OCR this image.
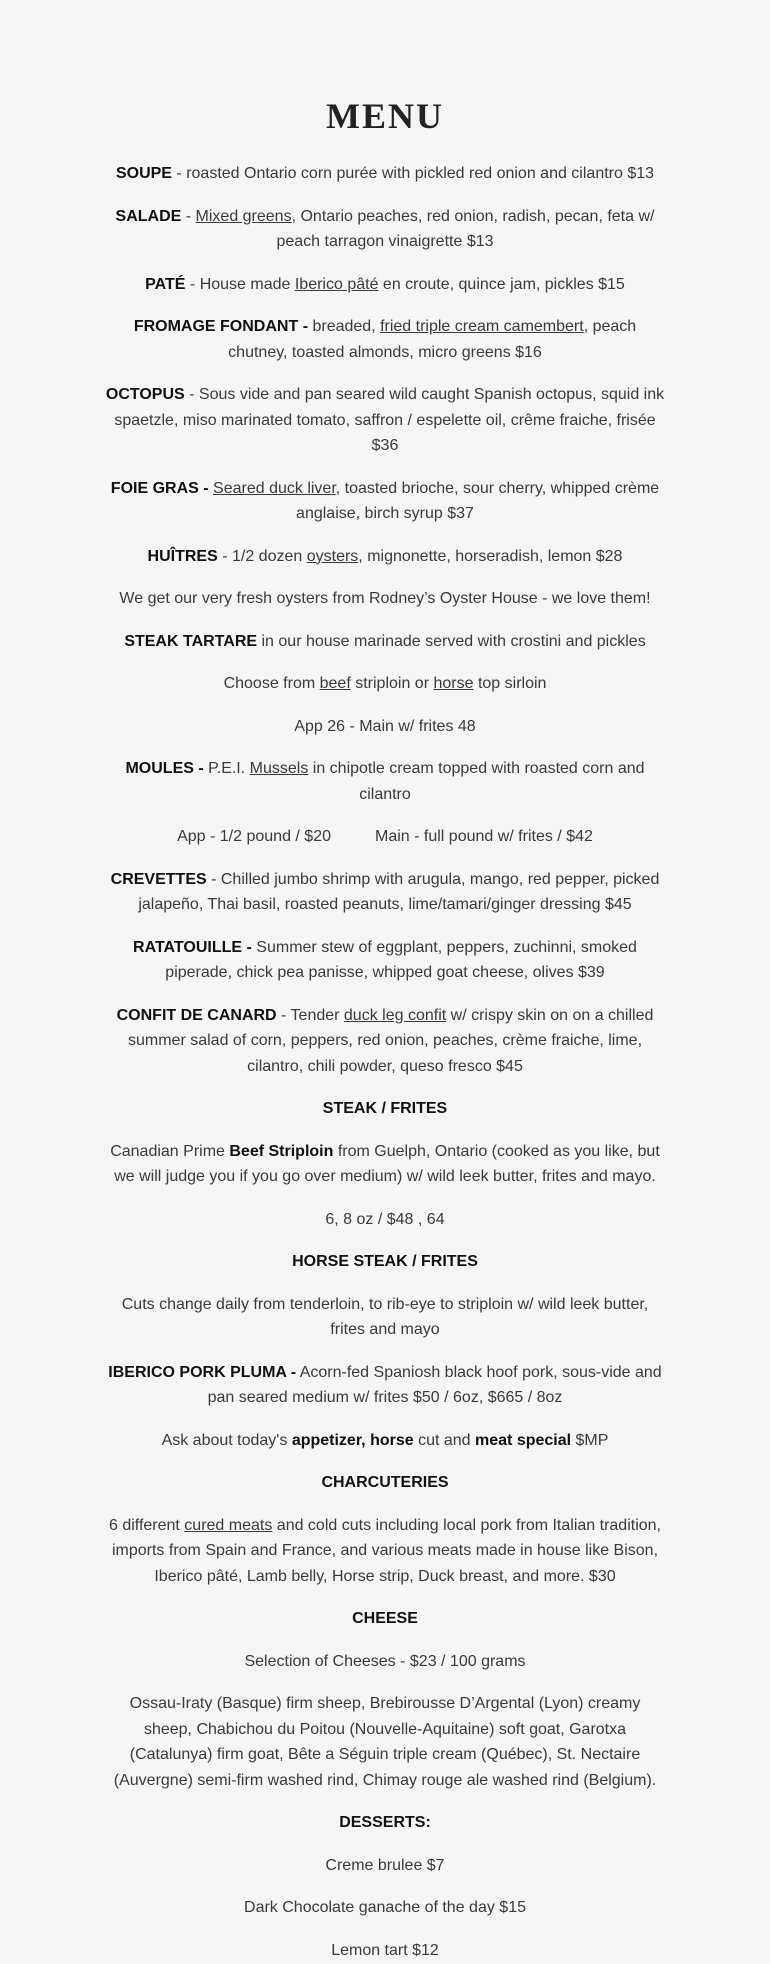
MENU

SOUPE - roasted Ontario corn purée with pickled red onion and cilantro $13

SALADE - Mixed greens, Ontario peaches, red onion, radish, pecan, feta w/ peach tarragon vinaigrette $13

PATÉ - House made Iberico pâté en croute, quince jam, pickles $15

FROMAGE FONDANT - breaded, fried triple cream camembert, peach chutney, toasted almonds, micro greens $16

OCTOPUS - Sous vide and pan seared wild caught Spanish octopus, squid ink spaetzle, miso marinated tomato, saffron / espelette oil, crême fraiche, frisée $36

FOIE GRAS - Seared duck liver, toasted brioche, sour cherry, whipped crème anglaise, birch syrup $37

HUÎTRES - 1/2 dozen oysters, mignonette, horseradish, lemon $28

We get our very fresh oysters from Rodney’s Oyster House - we love them!

STEAK TARTARE in our house marinade served with crostini and pickles

Choose from beef striploin or horse top sirloin

App 26 - Main w/ frites 48

MOULES - P.E.I. Mussels in chipotle cream topped with roasted corn and cilantro

App - 1/2 pound / $20	Main - full pound w/ frites / $42

CREVETTES - Chilled jumbo shrimp with arugula, mango, red pepper, picked jalapeño, Thai basil, roasted peanuts, lime/tamari/ginger dressing $45

RATATOUILLE - Summer stew of eggplant, peppers, zuchinni, smoked piperade, chick pea panisse, whipped goat cheese, olives $39

CONFIT DE CANARD - Tender duck leg confit w/ crispy skin on on a chilled summer salad of corn, peppers, red onion, peaches, crème fraiche, lime, cilantro, chili powder, queso fresco $45

STEAK / FRITES

Canadian Prime Beef Striploin from Guelph, Ontario (cooked as you like, but we will judge you if you go over medium) w/ wild leek butter, frites and mayo.

6, 8 oz / $48 , 64

HORSE STEAK / FRITES

Cuts change daily from tenderloin, to rib-eye to striploin w/ wild leek butter, frites and mayo

IBERICO PORK PLUMA - Acorn-fed Spaniosh black hoof pork, sous-vide and pan seared medium w/ frites $50 / 6oz, $665 / 8oz

Ask about today's appetizer, horse cut and meat special $MP

CHARCUTERIES

6 different cured meats and cold cuts including local pork from Italian tradition, imports from Spain and France, and various meats made in house like Bison, Iberico pâté, Lamb belly, Horse strip, Duck breast, and more. $30

CHEESE

Selection of Cheeses - $23 / 100 grams

Ossau-Iraty (Basque) firm sheep, Brebirousse D’Argental (Lyon) creamy sheep, Chabichou du Poitou (Nouvelle-Aquitaine) soft goat, Garotxa (Catalunya) firm goat, Bête a Séguin triple cream (Québec), St. Nectaire (Auvergne) semi-firm washed rind, Chimay rouge ale washed rind (Belgium).

DESSERTS:

Creme brulee $7

Dark Chocolate ganache of the day $15

Lemon tart $12
